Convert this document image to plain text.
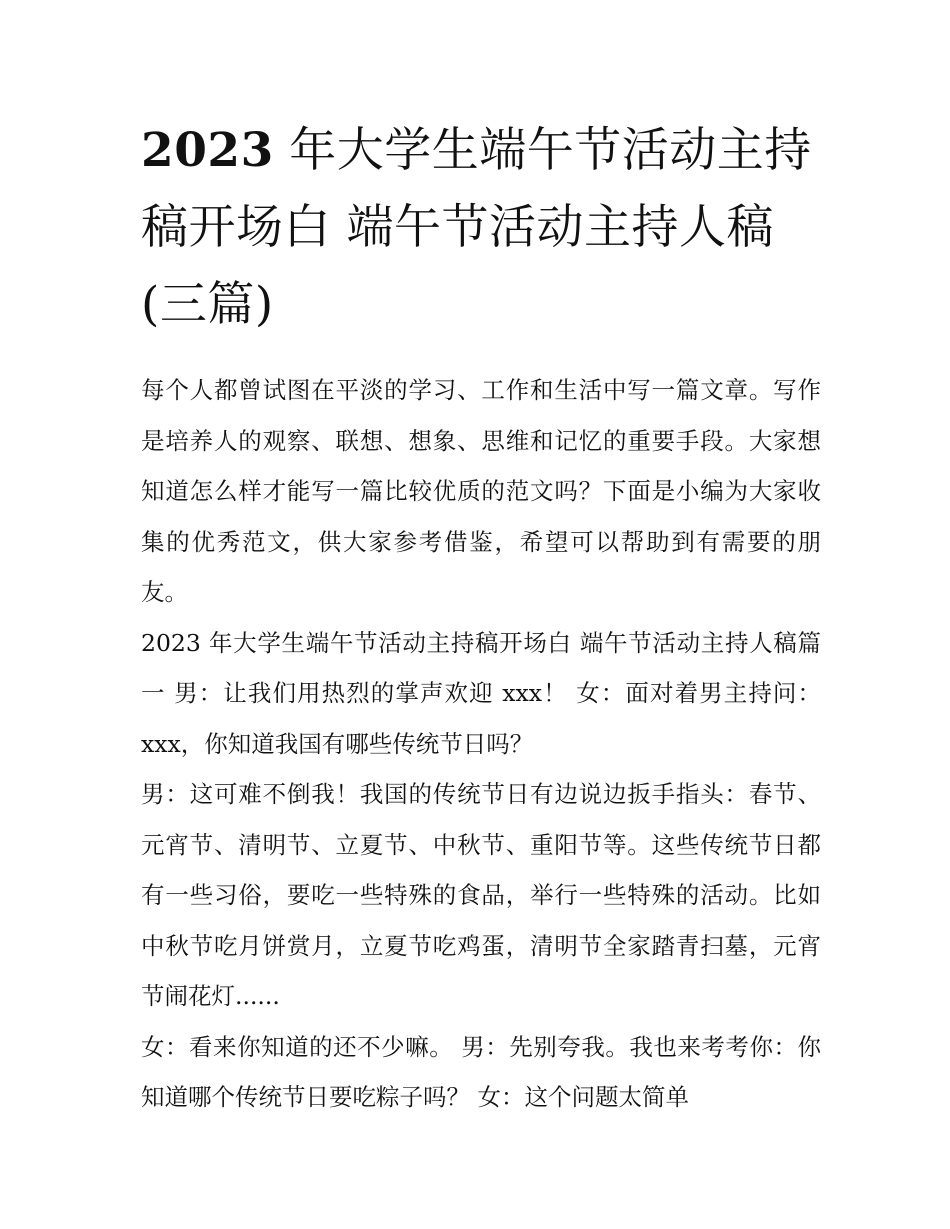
2023 年大学生端午节活动主持稿开场白 端午节活动主持人稿 (三篇)

每个人都曾试图在平淡的学习、工作和生活中写一篇文章。写作是培养人的观察、联想、想象、思维和记忆的重要手段。大家想知道怎么样才能写一篇比较优质的范文吗？下面是小编为大家收集的优秀范文，供大家参考借鉴，希望可以帮助到有需要的朋友。

2023 年大学生端午节活动主持稿开场白 端午节活动主持人稿篇一 男：让我们用热烈的掌声欢迎 xxx！ 女：面对着男主持问：xxx，你知道我国有哪些传统节日吗？

男：这可难不倒我！我国的传统节日有边说边扳手指头：春节、元宵节、清明节、立夏节、中秋节、重阳节等。这些传统节日都有一些习俗，要吃一些特殊的食品，举行一些特殊的活动。比如中秋节吃月饼赏月，立夏节吃鸡蛋，清明节全家踏青扫墓，元宵节闹花灯......

女：看来你知道的还不少嘛。 男：先别夸我。我也来考考你：你知道哪个传统节日要吃粽子吗？ 女：这个问题太简单
